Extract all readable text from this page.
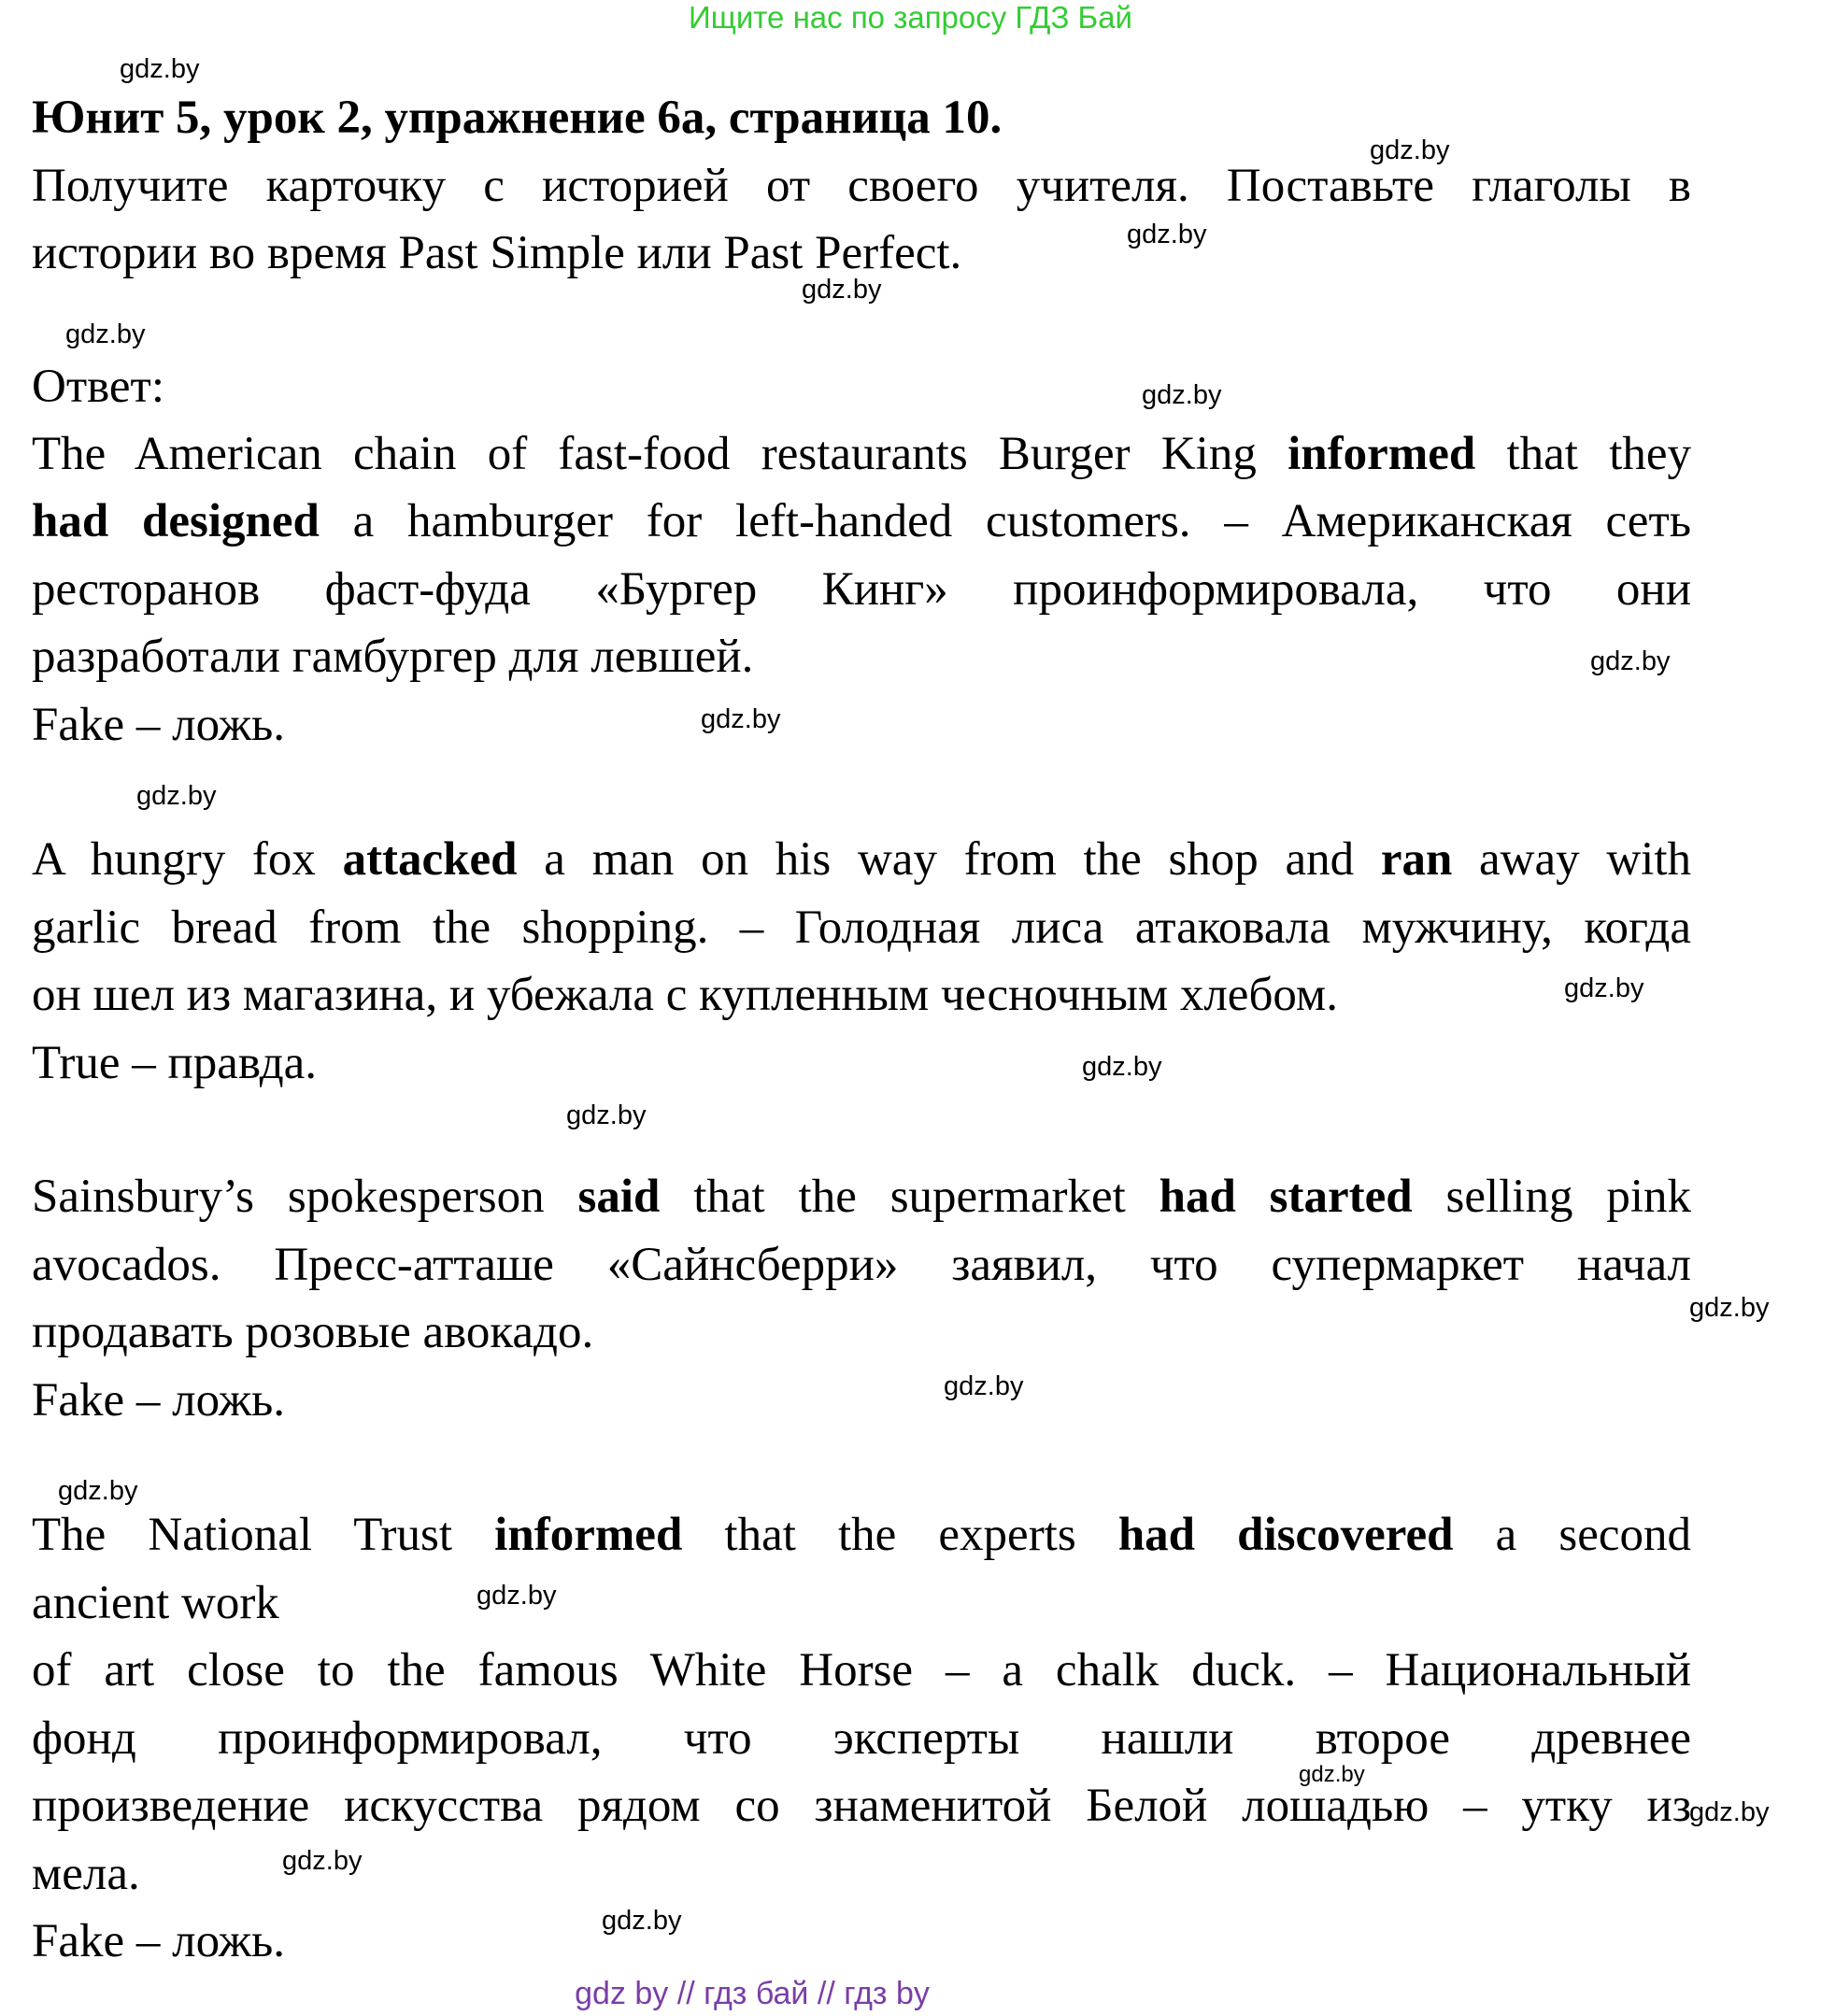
Ищите нас по запросу ГДЗ Бай
gdz.by
gdz.by
gdz.by
gdz.by
gdz.by
gdz.by
gdz.by
gdz.by
gdz.by
gdz.by
gdz.by
gdz.by
gdz.by
gdz.by
gdz.by
gdz.by
gdz.by
gdz.by
gdz.by
gdz.by
Юнит 5, урок 2, упражнение 6а, страница 10.
Получите карточку с историей от своего учителя. Поставьте глаголы в
истории во время Past Simple или Past Perfect.
Ответ:
The American chain of fast-food restaurants Burger King informed that they
had designed a hamburger for left-handed customers. – Американская сеть
ресторанов фаст-фуда «Бургер Кинг» проинформировала, что они
разработали гамбургер для левшей.
Fake – ложь.
A hungry fox attacked a man on his way from the shop and ran away with
garlic bread from the shopping. – Голодная лиса атаковала мужчину, когда
он шел из магазина, и убежала с купленным чесночным хлебом.
True – правда.
Sainsbury’s spokesperson said that the supermarket had started selling pink
avocados. Пресс-атташе «Сайнсберри» заявил, что супермаркет начал
продавать розовые авокадо.
Fake – ложь.
The National Trust informed that the experts had discovered a second
ancient work
of art close to the famous White Horse – a chalk duck. – Национальный
фонд проинформировал, что эксперты нашли второе древнее
произведение искусства рядом со знаменитой Белой лошадью – утку из
мела.
Fake – ложь.
gdz by // гдз бай // гдз by
